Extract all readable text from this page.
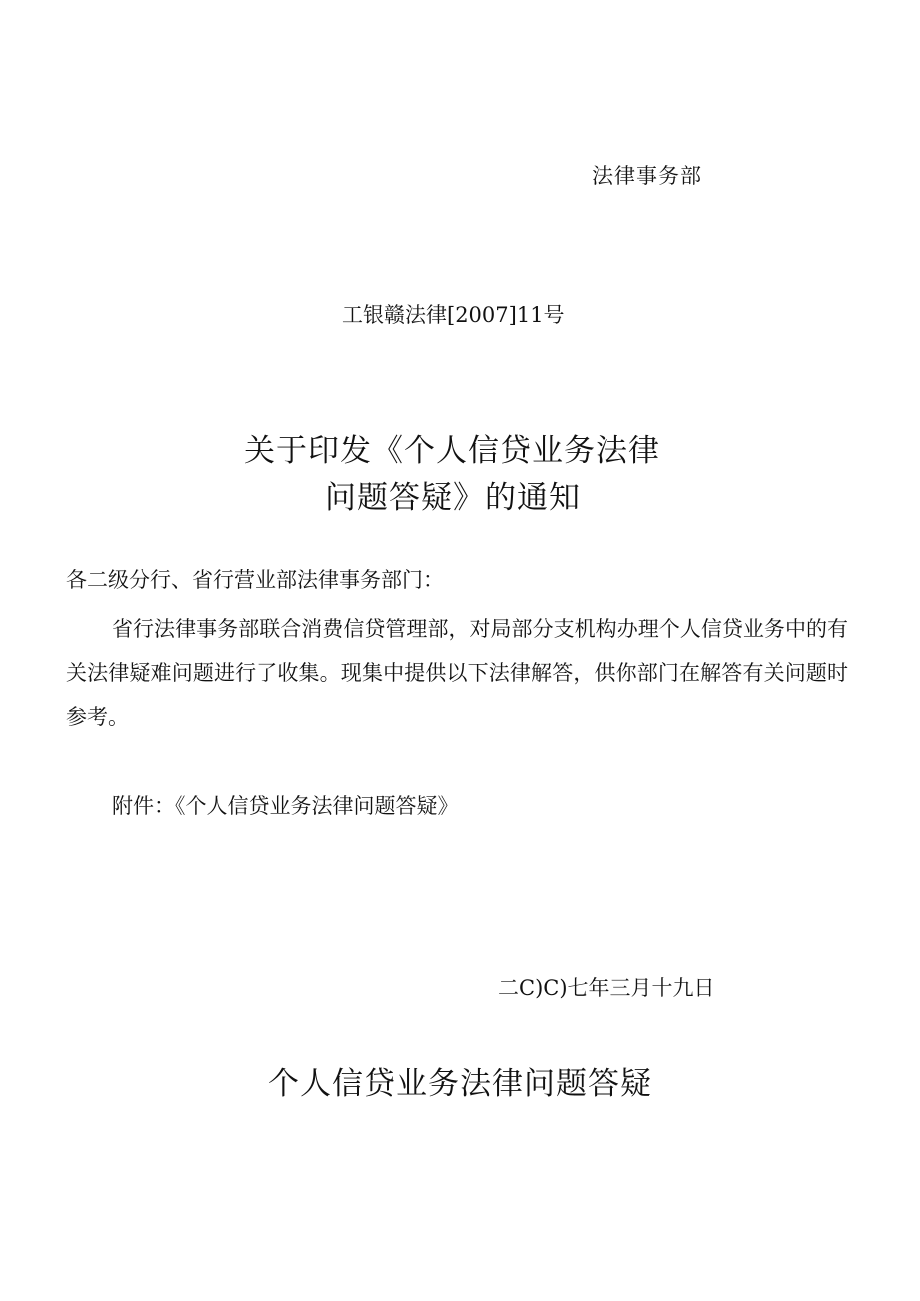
法律事务部
工银赣法律[2007]11号
关于印发《个人信贷业务法律
问题答疑》的通知
各二级分行、省行营业部法律事务部门：
省行法律事务部联合消费信贷管理部，对局部分支机构办理个人信贷业务中的有关法律疑难问题进行了收集。现集中提供以下法律解答，供你部门在解答有关问题时参考。
附件：《个人信贷业务法律问题答疑》
二C)C)七年三月十九日
个人信贷业务法律问题答疑
